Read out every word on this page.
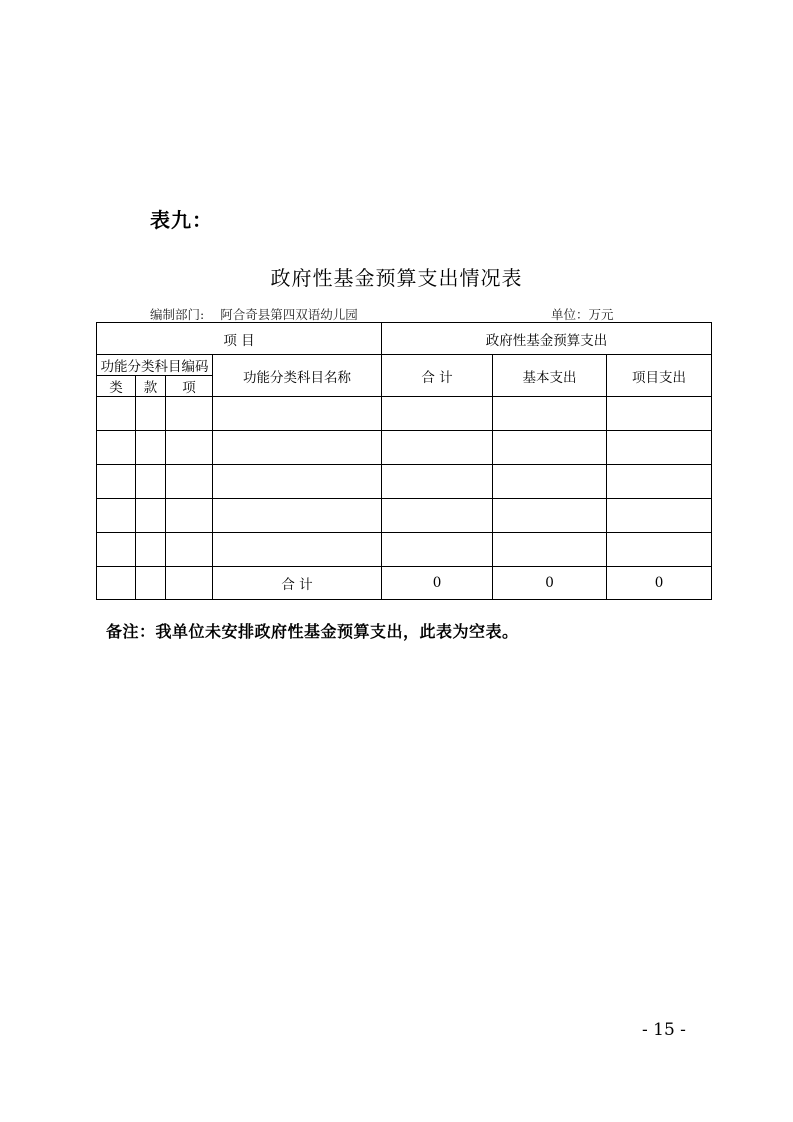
表九：
政府性基金预算支出情况表
编制部门: 阿合奇县第四双语幼儿园	单位：万元
项 目				政府性基金预算支出		
功能分类科目编码			功能分类科目名称	合 计	基本支出	项目支出
类	款	项				

			合 计	0	0	0
备注：我单位未安排政府性基金预算支出，此表为空表。
- 15 -
